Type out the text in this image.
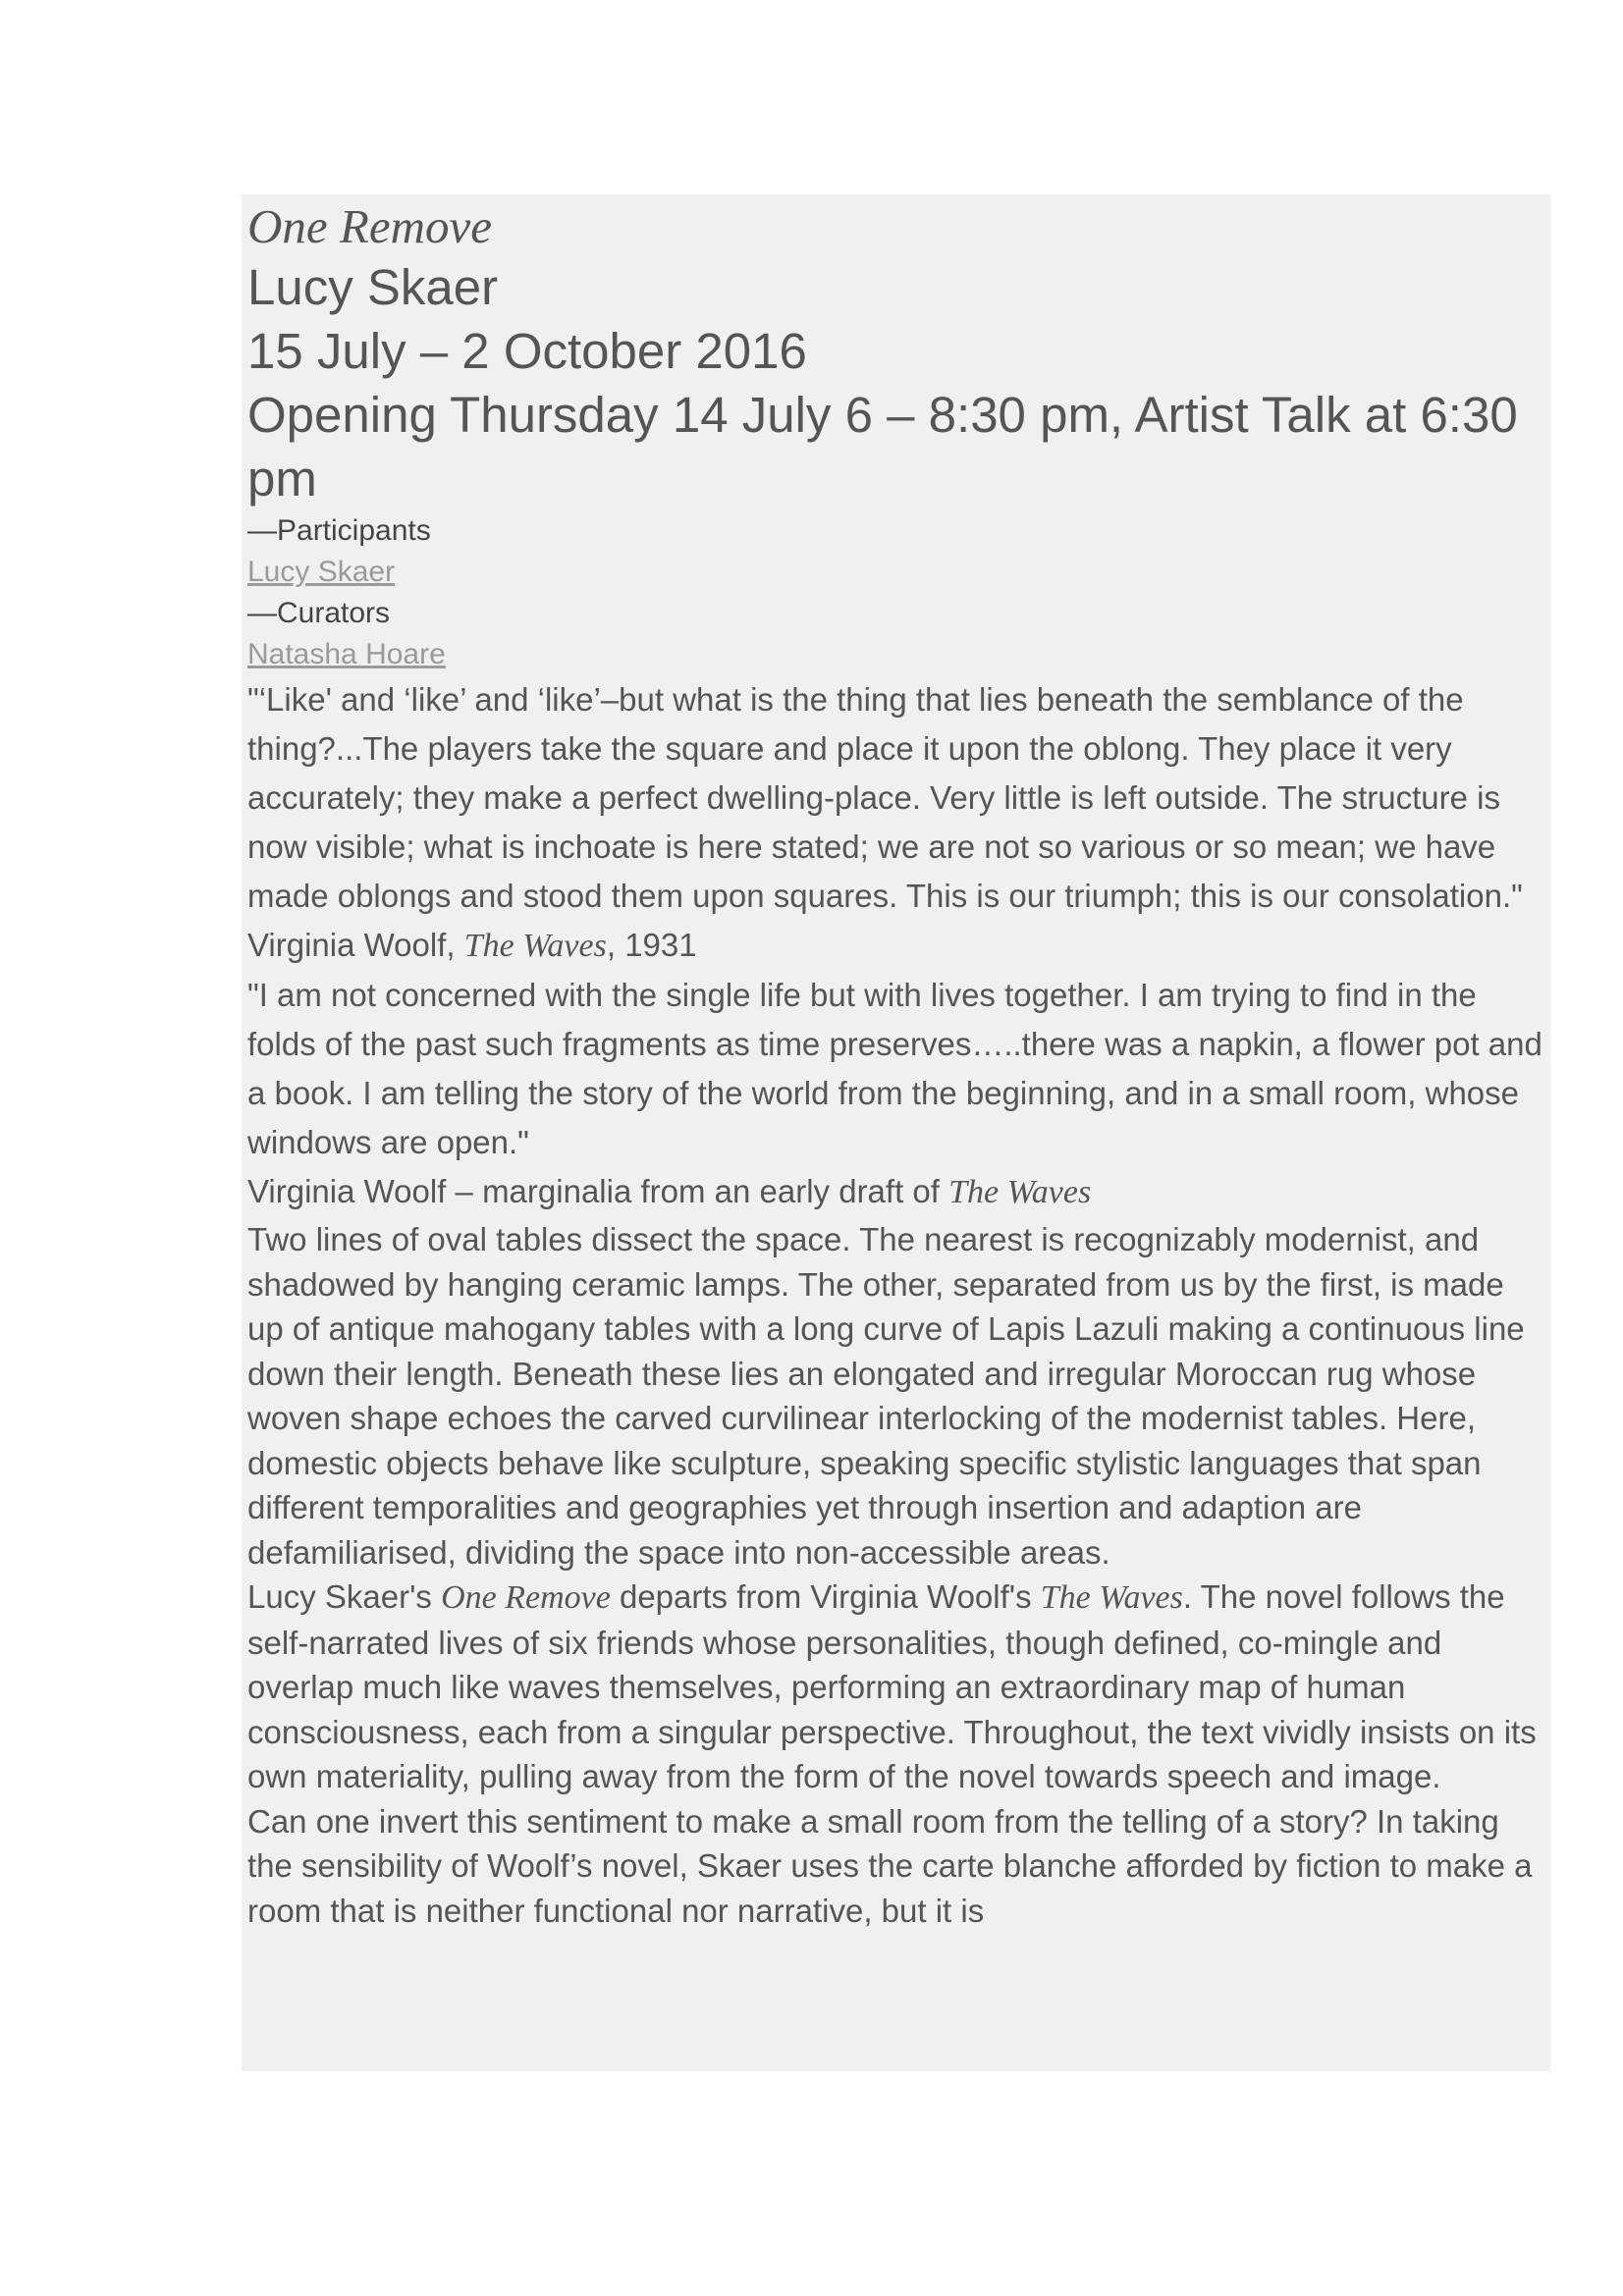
One Remove
Lucy Skaer
15 July – 2 October 2016
Opening Thursday 14 July 6 – 8:30 pm, Artist Talk at 6:30 pm
—Participants
Lucy Skaer
—Curators
Natasha Hoare
"‘Like' and ‘like’ and ‘like’–but what is the thing that lies beneath the semblance of the thing?...The players take the square and place it upon the oblong. They place it very accurately; they make a perfect dwelling-place. Very little is left outside. The structure is now visible; what is inchoate is here stated; we are not so various or so mean; we have made oblongs and stood them upon squares. This is our triumph; this is our consolation."
Virginia Woolf, The Waves, 1931
"I am not concerned with the single life but with lives together. I am trying to find in the folds of the past such fragments as time preserves…..there was a napkin, a flower pot and a book. I am telling the story of the world from the beginning, and in a small room, whose windows are open."
Virginia Woolf – marginalia from an early draft of The Waves
Two lines of oval tables dissect the space. The nearest is recognizably modernist, and shadowed by hanging ceramic lamps. The other, separated from us by the first, is made up of antique mahogany tables with a long curve of Lapis Lazuli making a continuous line down their length. Beneath these lies an elongated and irregular Moroccan rug whose woven shape echoes the carved curvilinear interlocking of the modernist tables. Here, domestic objects behave like sculpture, speaking specific stylistic languages that span different temporalities and geographies yet through insertion and adaption are defamiliarised, dividing the space into non-accessible areas.
Lucy Skaer's One Remove departs from Virginia Woolf's The Waves. The novel follows the self-narrated lives of six friends whose personalities, though defined, co-mingle and overlap much like waves themselves, performing an extraordinary map of human consciousness, each from a singular perspective. Throughout, the text vividly insists on its own materiality, pulling away from the form of the novel towards speech and image.
Can one invert this sentiment to make a small room from the telling of a story? In taking the sensibility of Woolf’s novel, Skaer uses the carte blanche afforded by fiction to make a room that is neither functional nor narrative, but it is
